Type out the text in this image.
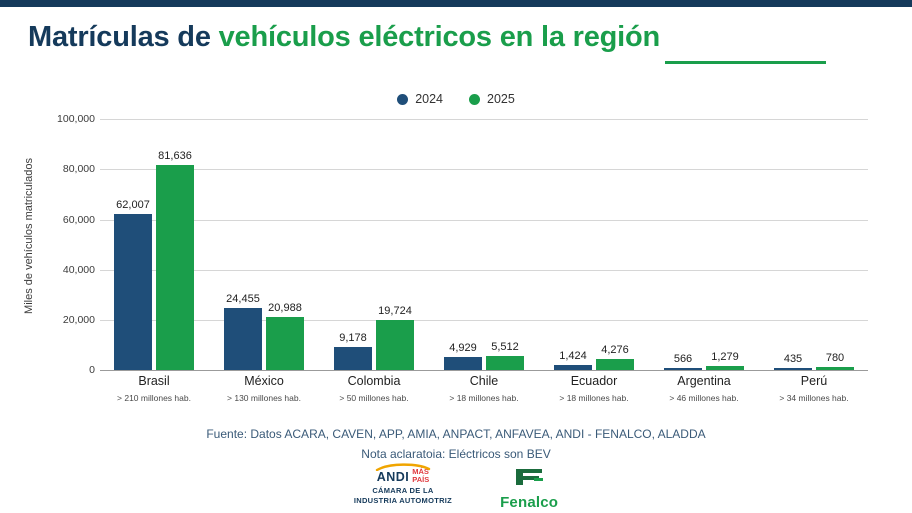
Matrículas de vehículos eléctricos en la región
2024	2025
Miles de vehículos matriculados
100,000
80,000
60,000
40,000
20,000
0
62,007
81,636
24,455
20,988
9,178
19,724
4,929 5,512
1,424 4,276
566 1,279	435 780
Brasil
> 210 millones hab.
México
> 130 millones hab.
Colombia
> 50 millones hab.
Chile
> 18 millones hab.
Ecuador
> 18 millones hab.
Argentina
> 46 millones hab.
Perú
> 34 millones hab.
Fuente: Datos ACARA, CAVEN, APP, AMIA, ANPACT, ANFAVEA, ANDI - FENALCO, ALADDA
Nota aclaratoia: Eléctricos son BEV
ANDI MÁS
PAÍS
CÁMARA DE LA
INDUSTRIA AUTOMOTRIZ	Fenalco
